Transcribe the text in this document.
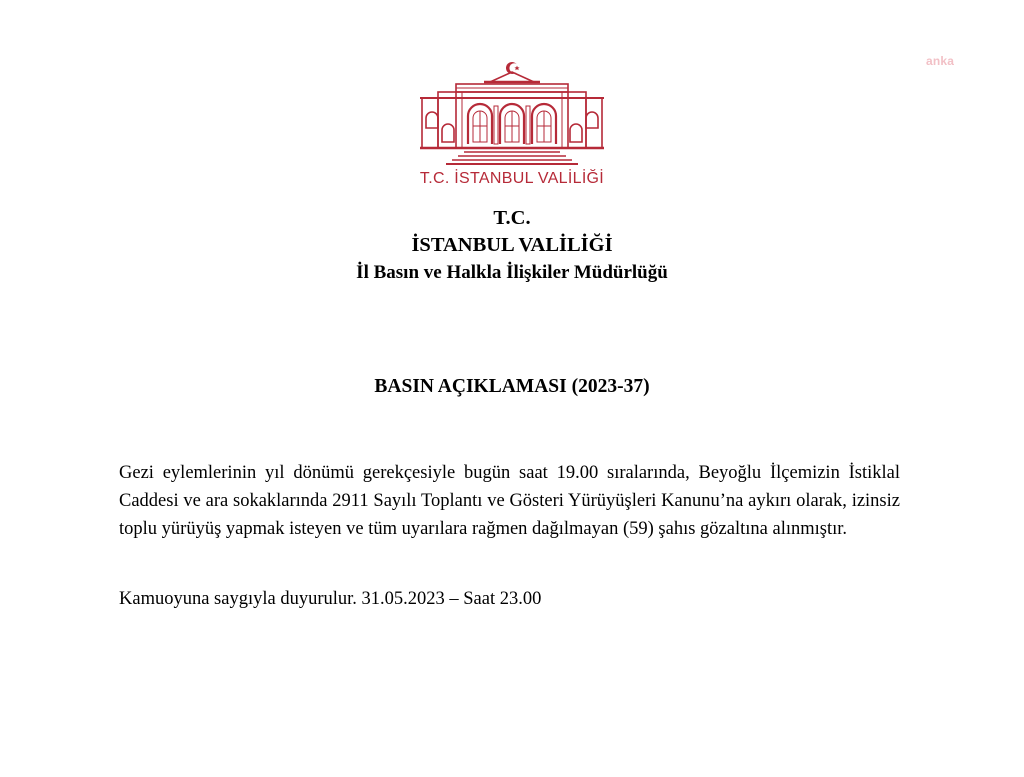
anka
T.C. İSTANBUL VALİLİĞİ
T.C.
İSTANBUL VALİLİĞİ
İl Basın ve Halkla İlişkiler Müdürlüğü
BASIN AÇIKLAMASI (2023-37)
Gezi eylemlerinin yıl dönümü gerekçesiyle bugün saat 19.00 sıralarında, Beyoğlu İlçemizin İstiklal Caddesi ve ara sokaklarında 2911 Sayılı Toplantı ve Gösteri Yürüyüşleri Kanunu’na aykırı olarak, izinsiz toplu yürüyüş yapmak isteyen ve tüm uyarılara rağmen dağılmayan (59) şahıs gözaltına alınmıştır.
Kamuoyuna saygıyla duyurulur. 31.05.2023 – Saat 23.00
